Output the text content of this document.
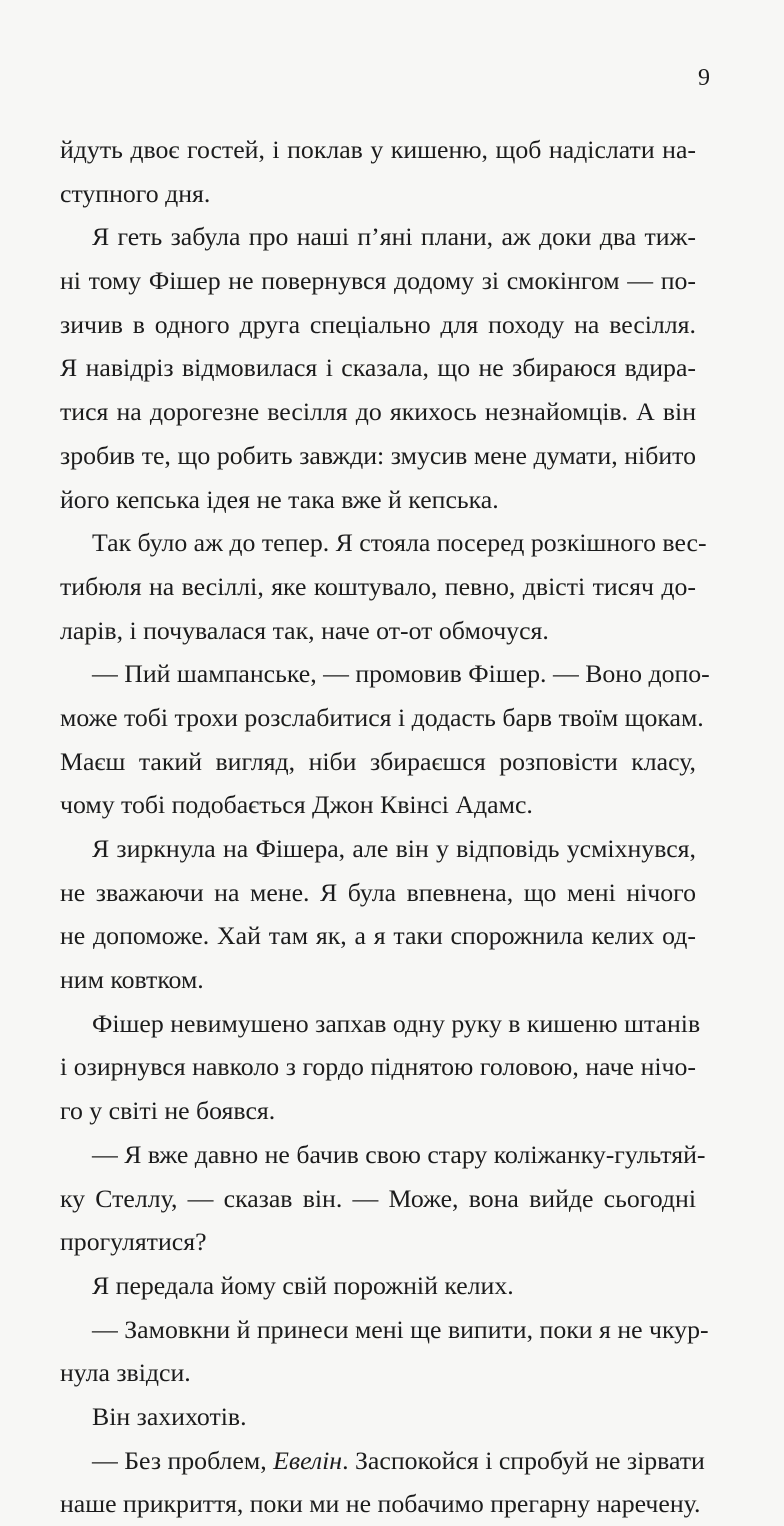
9
йдуть двоє гостей, і поклав у кишеню, щоб надіслати на-
ступного дня.
Я геть забула про наші п’яні плани, аж доки два тиж-
ні тому Фішер не повернувся додому зі смокінгом — по-
зичив в одного друга спеціально для походу на весілля.
Я навідріз відмовилася і сказала, що не збираюся вдира-
тися на дорогезне весілля до якихось незнайомців. А він
зробив те, що робить завжди: змусив мене думати, нібито
його кепська ідея не така вже й кепська.
Так було аж до тепер. Я стояла посеред розкішного вес-
тибюля на весіллі, яке коштувало, певно, двісті тисяч до-
ларів, і почувалася так, наче от-от обмочуся.
— Пий шампанське, — промовив Фішер. — Воно допо-
може тобі трохи розслабитися і додасть барв твоїм щокам.
Маєш такий вигляд, ніби збираєшся розповісти класу,
чому тобі подобається Джон Квінсі Адамс.
Я зиркнула на Фішера, але він у відповідь усміхнувся,
не зважаючи на мене. Я була впевнена, що мені нічого
не допоможе. Хай там як, а я таки спорожнила келих од-
ним ковтком.
Фішер невимушено запхав одну руку в кишеню штанів
і озирнувся навколо з гордо піднятою головою, наче нічо-
го у світі не боявся.
— Я вже давно не бачив свою стару коліжанку-гультяй-
ку Стеллу, — сказав він. — Може, вона вийде сьогодні
прогулятися?
Я передала йому свій порожній келих.
— Замовкни й принеси мені ще випити, поки я не чкур-
нула звідси.
Він захихотів.
— Без проблем, Евелін. Заспокойся і спробуй не зірвати
наше прикриття, поки ми не побачимо прегарну наречену.
